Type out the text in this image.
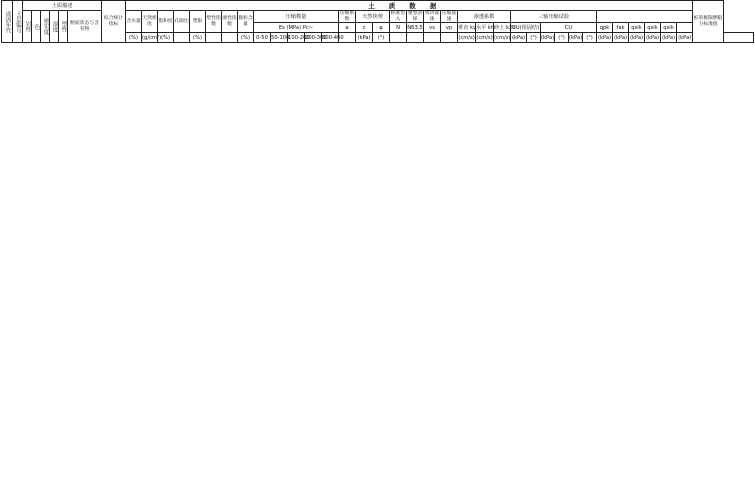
成因年代	土层编号	土质描述						综合统计指标	土质数据																																			桩的极限侧阻力标准值	
		岩性	色	密实度	湿度	塑性	断面状态与含有物		含水量	天然密度	饱和度	孔隙比	塑限	塑性指数	液性指数	黏粒含量	压缩模量					压缩系数	天然快剪		标准贯入	重型动探	剪切波速	压缩波速	渗透系数			三轴压缩试验													
																	Es (MPa) Pc~					a	c	φ	N	N63.5	vs	vp	垂直 kv	水平 kh	砂土 k20	UU(预固结)		CU				qpk	fak	qsik	qsik	qsik			
									(%)	(g/cm³)	(%)		(%)			(%)	0-50	50-100	100-200	200-300	300-400		(kPa)	(°)					(cm/s)	(cm/s)	(cm/s)	(kPa)	(°)	(kPa)	(°)	(kPa)	(°)	(kPa)	(kPa)	(kPa)	(kPa)	(kPa)	(kPa)		
